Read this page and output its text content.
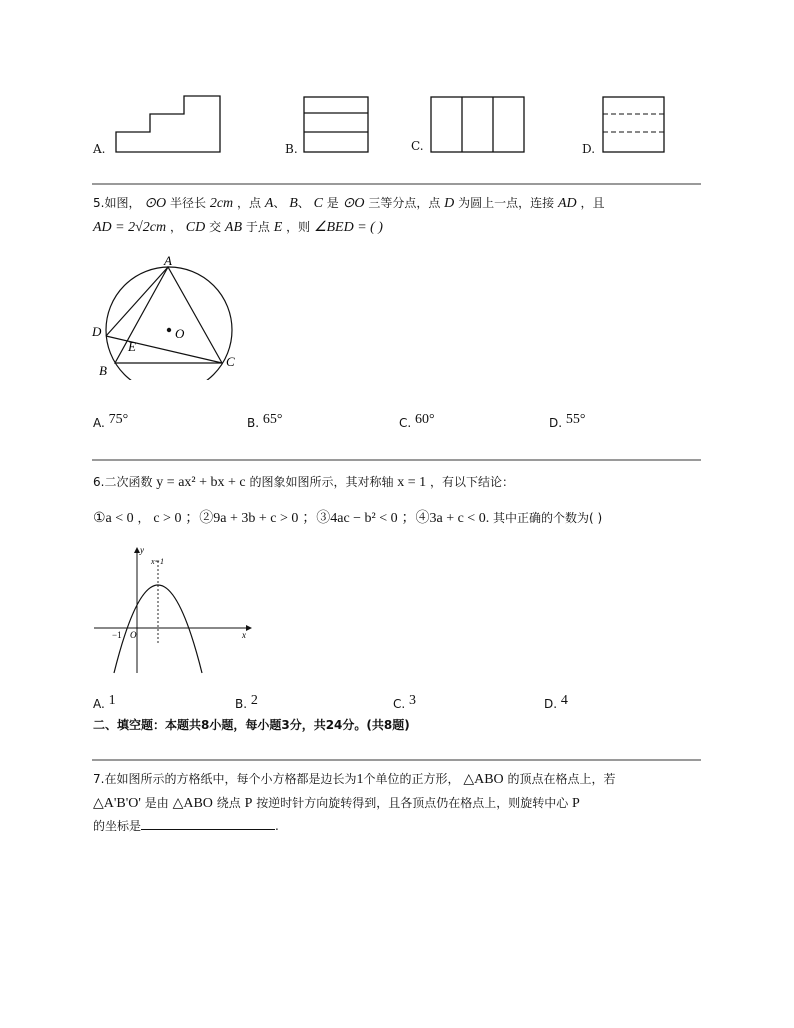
A.	B.	C.	D.
5.如图， ⊙O 半径长 2cm ，点 A、 B、 C 是 ⊙O 三等分点，点 D 为圆上一点，连接 AD ，且
AD = 2√2cm ， CD 交 AB 于点 E ，则 ∠BED = ( )
A
B
C
D
E
O
A. 75°	B. 65°	C. 60°	D. 55°
6.二次函数 y = ax² + bx + c 的图象如图所示，其对称轴 x = 1 ，有以下结论：
①a < 0 ， c > 0 ；②9a + 3b + c > 0 ；③4ac − b² < 0 ；④3a + c < 0. 其中正确的个数为( )
y
x
x=1
−1 O
A. 1	B. 2	C. 3	D. 4
二、填空题：本题共8小题，每小题3分，共24分。(共8题)
7.在如图所示的方格纸中，每个小方格都是边长为1个单位的正方形， △ABO 的顶点在格点上，若
△A'B'O' 是由 △ABO 绕点 P 按逆时针方向旋转得到，且各顶点仍在格点上，则旋转中心 P
的坐标是	.
